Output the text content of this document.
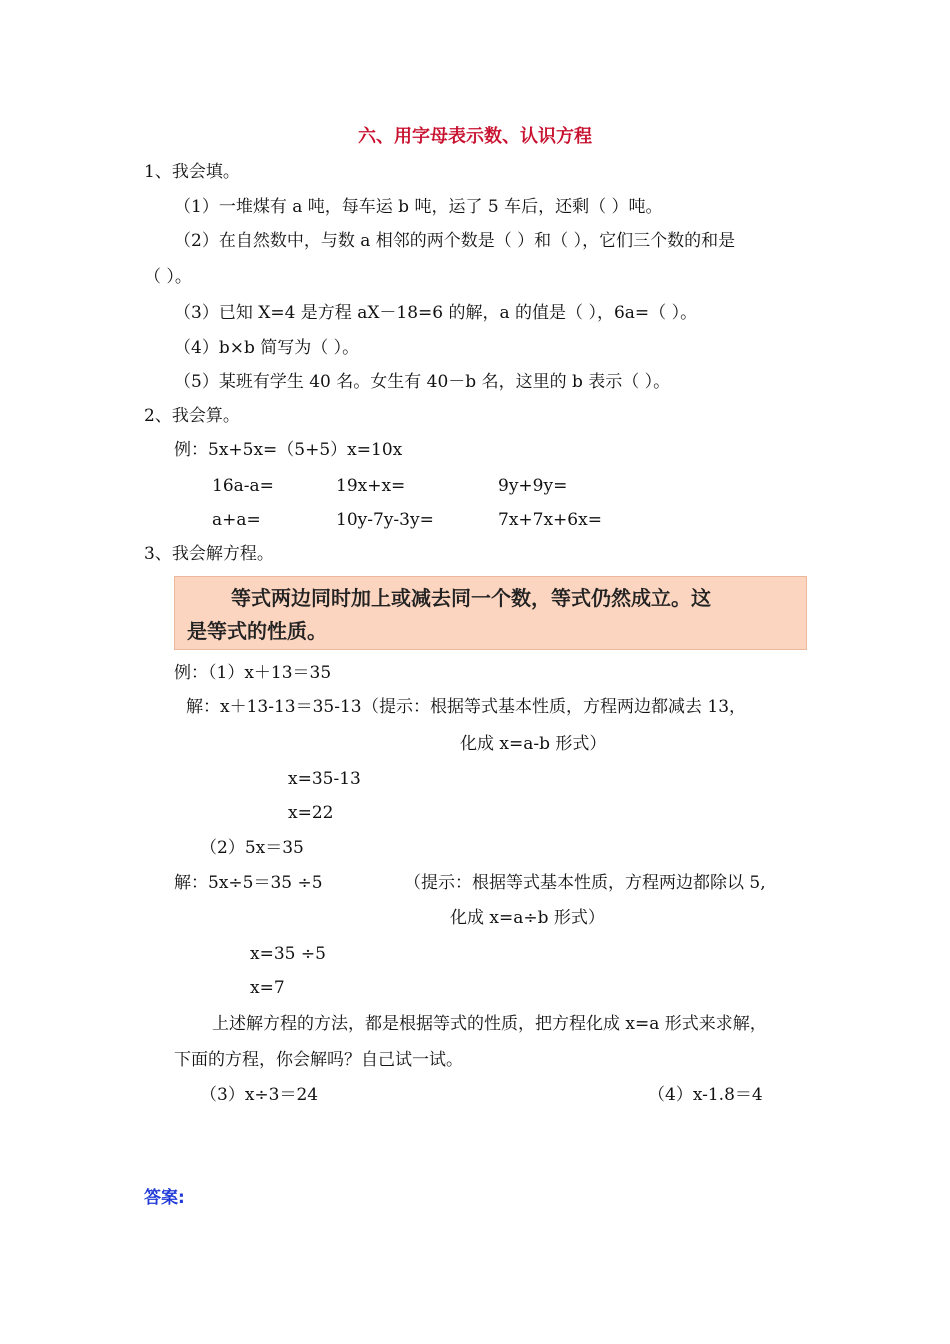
六、用字母表示数、认识方程
1、我会填。
（1）一堆煤有 a 吨，每车运 b 吨，运了 5 车后，还剩（ ）吨。
（2）在自然数中，与数 a 相邻的两个数是（ ）和（ ），它们三个数的和是
（ ）。
（3）已知 X=4 是方程 aX－18=6 的解，a 的值是（ ），6a=（ ）。
（4）b×b 简写为（ ）。
（5）某班有学生 40 名。女生有 40－b 名，这里的 b 表示（ ）。
2、我会算。
例：5x+5x=（5+5）x=10x
16a-a=	19x+x=	9y+9y=
a+a=	10y-7y-3y=	7x+7x+6x=
3、我会解方程。
等式两边同时加上或减去同一个数，等式仍然成立。这
是等式的性质。
例：（1）x＋13＝35
解：x＋13-13＝35-13 （提示：根据等式基本性质，方程两边都减去 13，
化成 x=a-b 形式）
x=35-13
x=22
（2）5x＝35
解：5x÷5＝35 ÷5	（提示：根据等式基本性质，方程两边都除以 5,
化成 x=a÷b 形式）
x=35 ÷5
x=7
上述解方程的方法，都是根据等式的性质，把方程化成 x=a 形式来求解，
下面的方程，你会解吗？自己试一试。
（3）x÷3＝24	（4）x-1.8＝4
答案:
